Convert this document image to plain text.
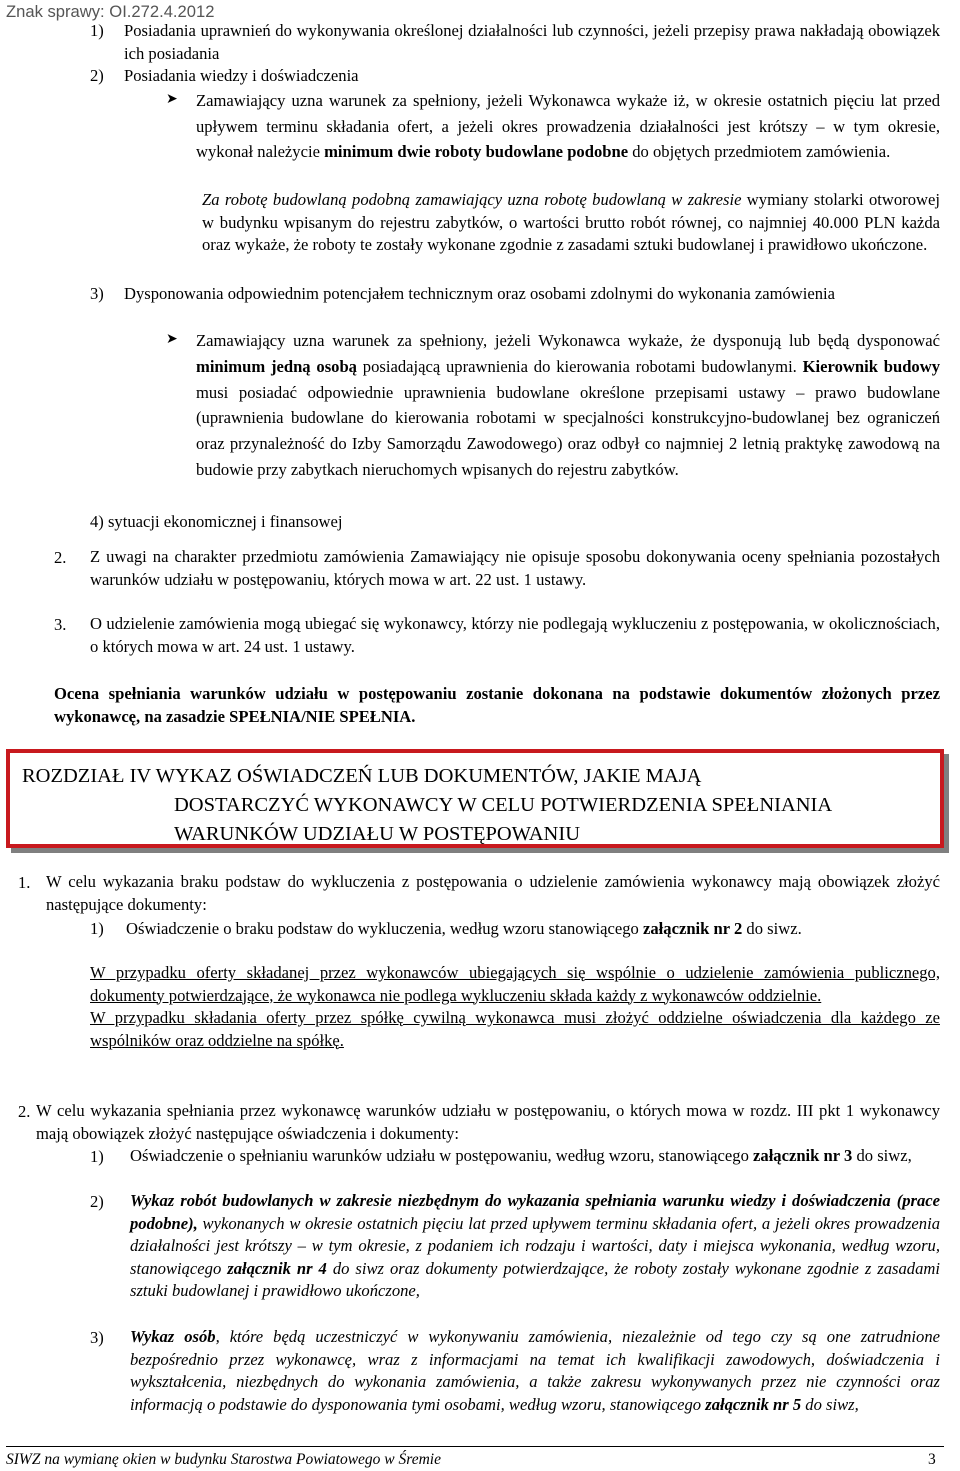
Znak sprawy: OI.272.4.2012
1)	Posiadania uprawnień do wykonywania określonej działalności lub czynności, jeżeli przepisy prawa nakładają obowiązek ich posiadania

2)	Posiadania wiedzy i doświadczenia

➤	Zamawiający uzna warunek za spełniony, jeżeli Wykonawca wykaże iż, w okresie ostatnich pięciu lat przed upływem terminu składania ofert, a jeżeli okres prowadzenia działalności jest krótszy – w tym okresie, wykonał należycie minimum dwie roboty budowlane podobne do objętych przedmiotem zamówienia.

Za robotę budowlaną podobną zamawiający uzna robotę budowlaną w zakresie wymiany stolarki otworowej w budynku wpisanym do rejestru zabytków, o wartości brutto robót równej, co najmniej 40.000 PLN każda oraz wykaże, że roboty te zostały wykonane zgodnie z zasadami sztuki budowlanej i prawidłowo ukończone.

3)	Dysponowania odpowiednim potencjałem technicznym oraz osobami zdolnymi do wykonania zamówienia

➤	Zamawiający uzna warunek za spełniony, jeżeli Wykonawca wykaże, że dysponują lub będą dysponować minimum jedną osobą posiadającą uprawnienia do kierowania robotami budowlanymi. Kierownik budowy musi posiadać odpowiednie uprawnienia budowlane określone przepisami ustawy – prawo budowlane (uprawnienia budowlane do kierowania robotami w specjalności konstrukcyjno-budowlanej bez ograniczeń oraz przynależność do Izby Samorządu Zawodowego) oraz odbył co najmniej 2 letnią praktykę zawodową na budowie przy zabytkach nieruchomych wpisanych do rejestru zabytków.

4) sytuacji ekonomicznej i finansowej

2.	Z uwagi na charakter przedmiotu zamówienia Zamawiający nie opisuje sposobu dokonywania oceny spełniania pozostałych warunków udziału w postępowaniu, których mowa w art. 22 ust. 1 ustawy.

3.	O udzielenie zamówienia mogą ubiegać się wykonawcy, którzy nie podlegają wykluczeniu z postępowania, w okolicznościach, o których mowa w art. 24 ust. 1 ustawy.

Ocena spełniania warunków udziału w postępowaniu zostanie dokonana na podstawie dokumentów złożonych przez wykonawcę, na zasadzie SPEŁNIA/NIE SPEŁNIA.

ROZDZIAŁ IV WYKAZ OŚWIADCZEŃ LUB DOKUMENTÓW, JAKIE MAJĄ
DOSTARCZYĆ WYKONAWCY W CELU POTWIERDZENIA SPEŁNIANIA
WARUNKÓW UDZIAŁU W POSTĘPOWANIU
1. W celu wykazania braku podstaw do wykluczenia z postępowania o udzielenie zamówienia wykonawcy mają obowiązek złożyć następujące dokumenty:

1)	Oświadczenie o braku podstaw do wykluczenia, według wzoru stanowiącego załącznik nr 2 do siwz.

W przypadku oferty składanej przez wykonawców ubiegających się wspólnie o udzielenie zamówienia publicznego, dokumenty potwierdzające, że wykonawca nie podlega wykluczeniu składa każdy z wykonawców oddzielnie.

W przypadku składania oferty przez spółkę cywilną wykonawca musi złożyć oddzielne oświadczenia dla każdego ze wspólników oraz oddzielne na spółkę.

2. W celu wykazania spełniania przez wykonawcę warunków udziału w postępowaniu, o których mowa w rozdz. III pkt 1 wykonawcy mają obowiązek złożyć następujące oświadczenia i dokumenty:

1)	Oświadczenie o spełnianiu warunków udziału w postępowaniu, według wzoru, stanowiącego załącznik nr 3 do siwz,

2)	Wykaz robót budowlanych w zakresie niezbędnym do wykazania spełniania warunku wiedzy i doświadczenia (prace podobne), wykonanych w okresie ostatnich pięciu lat przed upływem terminu składania ofert, a jeżeli okres prowadzenia działalności jest krótszy – w tym okresie, z podaniem ich rodzaju i wartości, daty i miejsca wykonania, według wzoru, stanowiącego załącznik nr 4 do siwz oraz dokumenty potwierdzające, że roboty zostały wykonane zgodnie z zasadami sztuki budowlanej i prawidłowo ukończone,

3)	Wykaz osób, które będą uczestniczyć w wykonywaniu zamówienia, niezależnie od tego czy są one zatrudnione bezpośrednio przez wykonawcę, wraz z informacjami na temat ich kwalifikacji zawodowych, doświadczenia i wykształcenia, niezbędnych do wykonania zamówienia, a także zakresu wykonywanych przez nie czynności oraz informacją o podstawie do dysponowania tymi osobami, według wzoru, stanowiącego załącznik nr 5 do siwz,

SIWZ na wymianę okien w budynku Starostwa Powiatowego w Śremie	3
